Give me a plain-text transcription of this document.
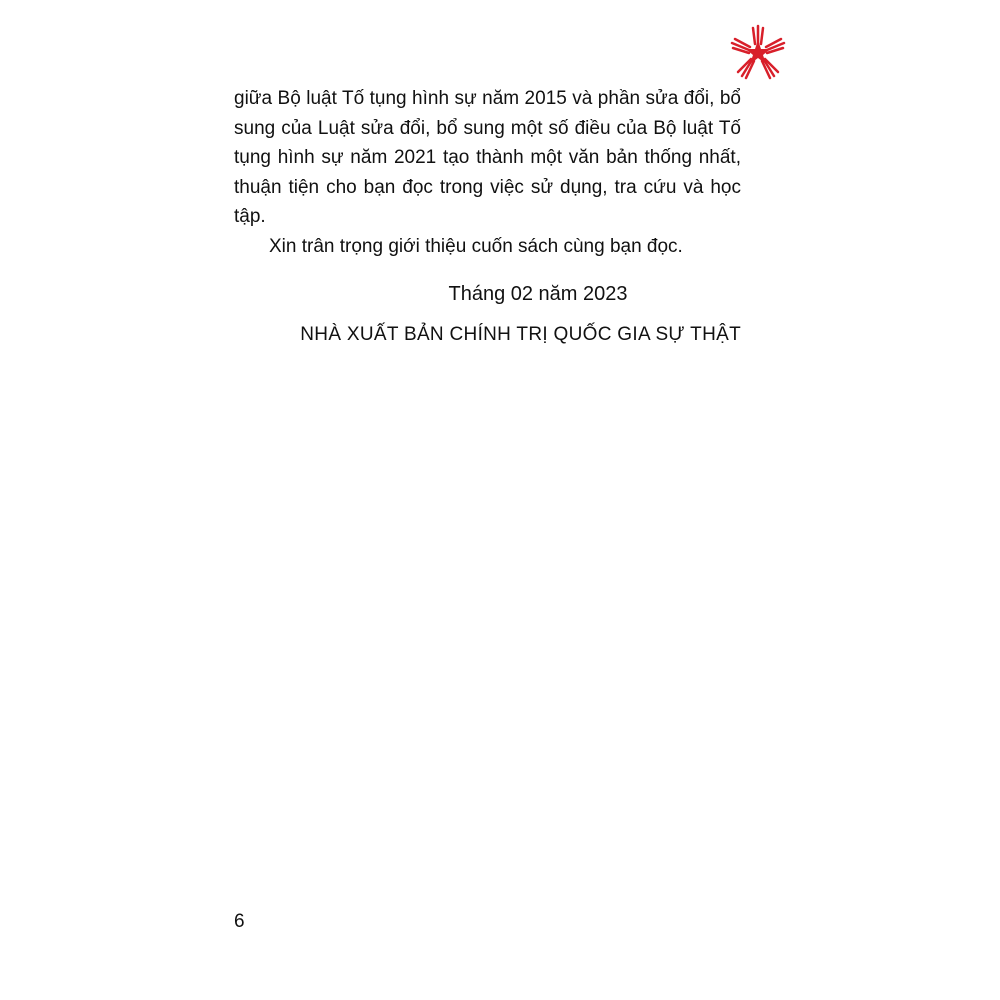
giữa Bộ luật Tố tụng hình sự năm 2015 và phần sửa đổi, bổ sung của Luật sửa đổi, bổ sung một số điều của Bộ luật Tố tụng hình sự năm 2021 tạo thành một văn bản thống nhất, thuận tiện cho bạn đọc trong việc sử dụng, tra cứu và học tập.

Xin trân trọng giới thiệu cuốn sách cùng bạn đọc.

Tháng 02 năm 2023
NHÀ XUẤT BẢN CHÍNH TRỊ QUỐC GIA SỰ THẬT
6
